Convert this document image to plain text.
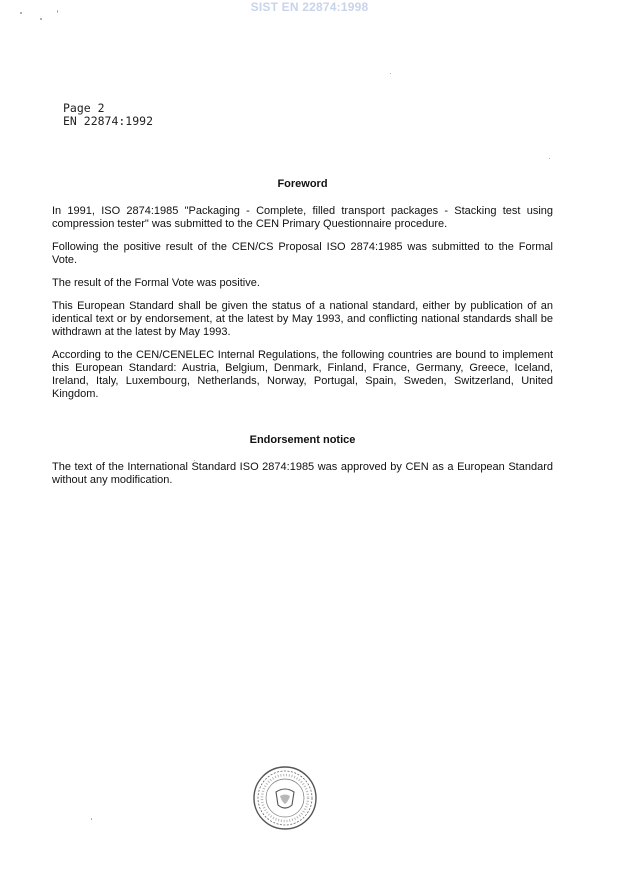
SIST EN 22874:1998
Page 2
EN 22874:1992
Foreword

In 1991, ISO 2874:1985 "Packaging - Complete, filled transport packages - Stacking test using compression tester" was submitted to the CEN Primary Questionnaire procedure.

Following the positive result of the CEN/CS Proposal ISO 2874:1985 was submitted to the Formal Vote.

The result of the Formal Vote was positive.

This European Standard shall be given the status of a national standard, either by publication of an identical text or by endorsement, at the latest by May 1993, and conflicting national standards shall be withdrawn at the latest by May 1993.

According to the CEN/CENELEC Internal Regulations, the following countries are bound to implement this European Standard: Austria, Belgium, Denmark, Finland, France, Germany, Greece, Iceland, Ireland, Italy, Luxembourg, Netherlands, Norway, Portugal, Spain, Sweden, Switzerland, United Kingdom.

Endorsement notice

The text of the International Standard ISO 2874:1985 was approved by CEN as a European Standard without any modification.
